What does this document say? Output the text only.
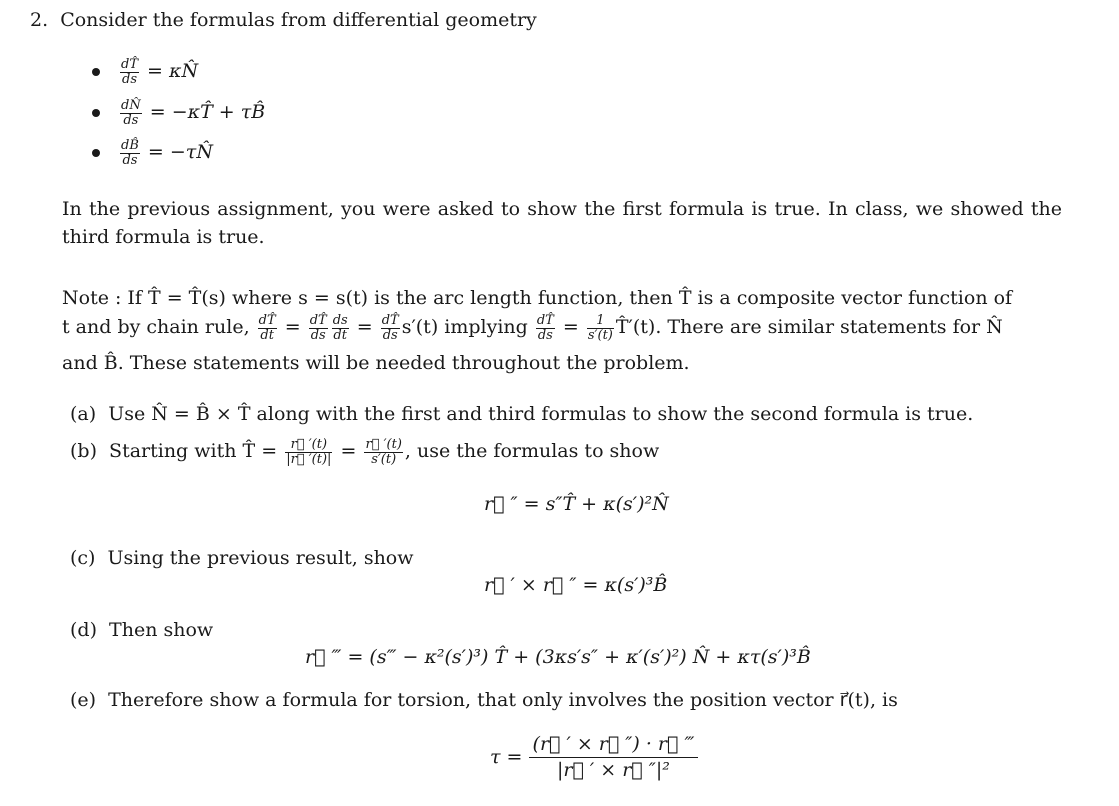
2. Consider the formulas from differential geometry
$\frac{dT̂}{ds}$ = κN̂
$\frac{dN̂}{ds}$ = −κT̂ + τB̂
$\frac{dB̂}{ds}$ = −τN̂
In the previous assignment, you were asked to show the first formula is true. In class, we showed the third formula is true.
Note : If T̂ = T̂(s) where s = s(t) is the arc length function, then T̂ is a composite vector function of
t and by chain rule, $\frac{dT̂}{dt} = \frac{dT̂}{ds} \frac{ds}{dt} = \frac{dT̂}{ds} s'(t)$ implying $\frac{dT̂}{ds} = \frac{1}{s'(t)}$ T̂′(t). There are similar statements for N̂
and B̂. These statements will be needed throughout the problem.
(a) Use N̂ = B̂ × T̂ along with the first and third formulas to show the second formula is true.
(b) Starting with T̂ = $\frac{r⃗ '(t)}{|r⃗ '(t)|} = \frac{r⃗ '(t)}{s'(t)}$ , use the formulas to show
r⃗ ″ = s″T̂ + κ(s′)²N̂
(c) Using the previous result, show
r⃗ ′ × r⃗ ″ = κ(s′)³B̂
(d) Then show
r⃗ ‴ = (s‴ − κ²(s′)³) T̂ + (3κs′s″ + κ′(s′)²) N̂ + κτ(s′)³B̂
(e) Therefore show a formula for torsion, that only involves the position vector r⃗(t), is
$\tau = \frac{(r⃗ ' \times r⃗ '') \cdot r⃗ ‴}{\text{|r⃗ ′ × r⃗ ″|²}}$
